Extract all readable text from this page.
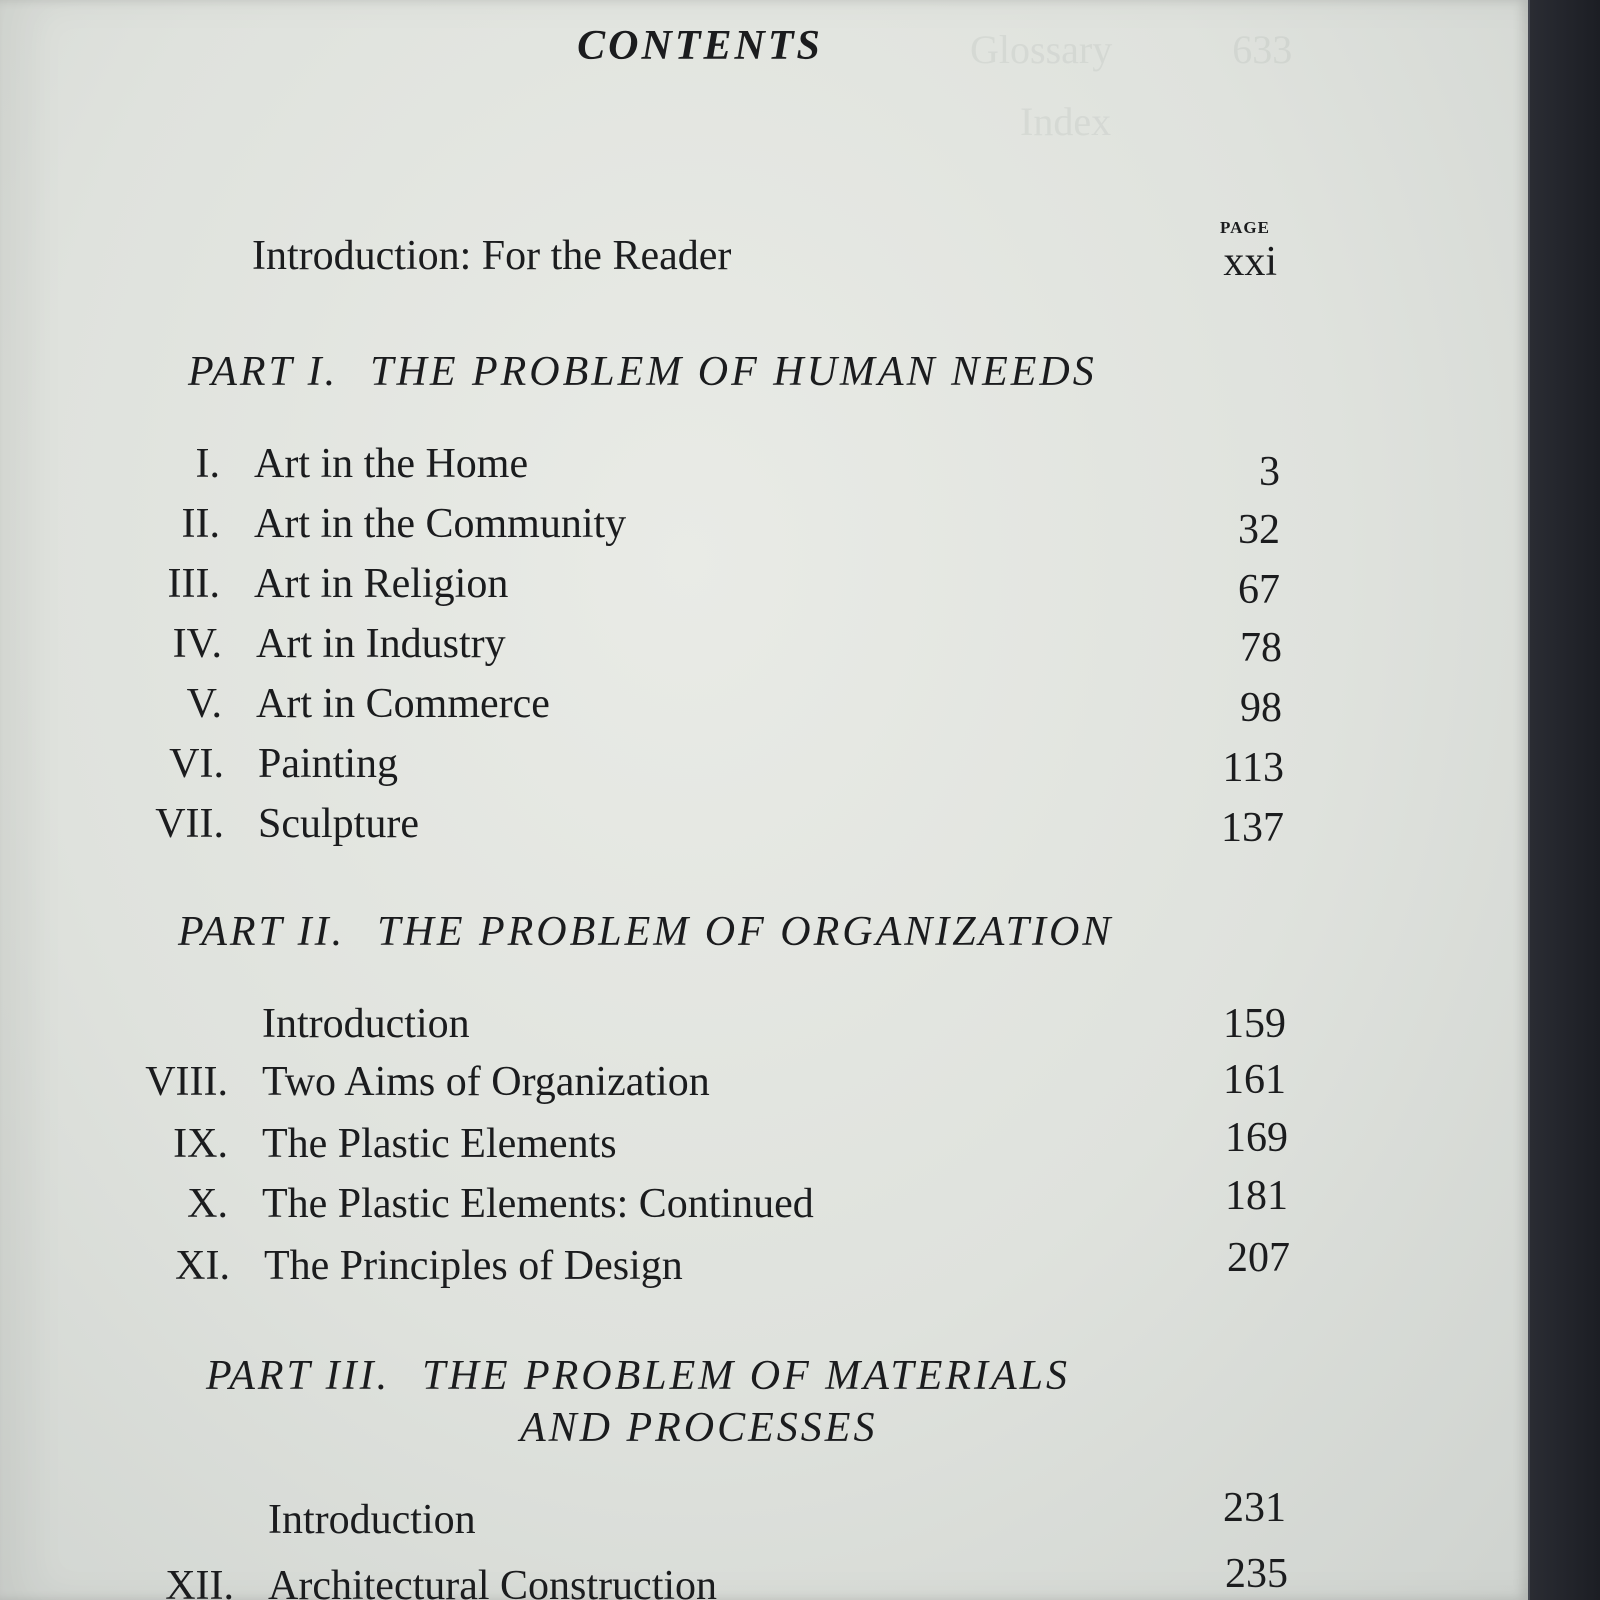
Glossary            633
Index
CONTENTS
PAGE
Introduction: For the Reader	xxi
PART I. THE PROBLEM OF HUMAN NEEDS
I. Art in the Home	3
II. Art in the Community	32
III. Art in Religion	67
IV. Art in Industry	78
V. Art in Commerce	98
VI. Painting	113
VII. Sculpture	137
PART II. THE PROBLEM OF ORGANIZATION
Introduction	159
VIII. Two Aims of Organization	161
IX. The Plastic Elements	169
X. The Plastic Elements: Continued	181
XI. The Principles of Design	207
PART III. THE PROBLEM OF MATERIALS
AND PROCESSES
Introduction	231
XII. Architectural Construction	235
